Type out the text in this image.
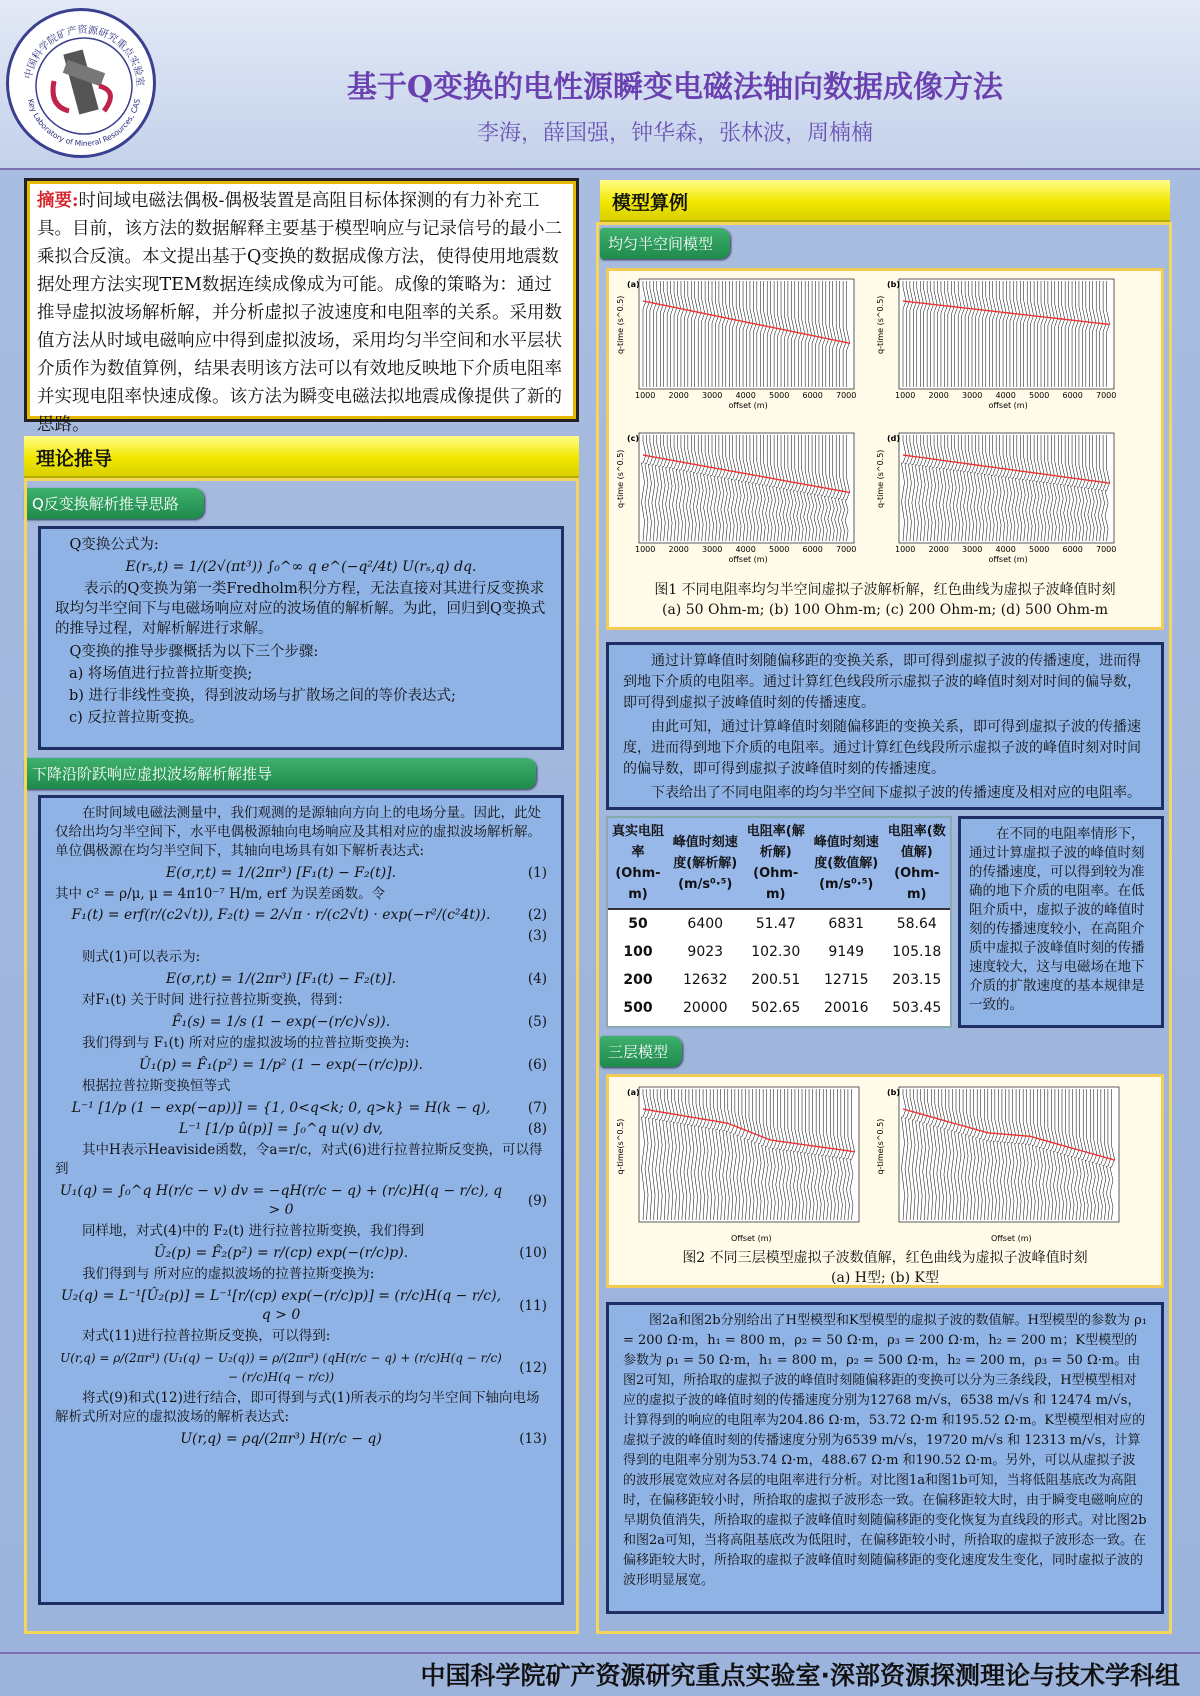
中国科学院矿产资源研究重点实验室
Key Laboratory of Mineral Resources, CAS	基于Q变换的电性源瞬变电磁法轴向数据成像方法
李海，薛国强，钟华森，张林波，周楠楠
摘要:时间域电磁法偶极-偶极装置是高阻目标体探测的有力补充工具。目前，该方法的数据解释主要基于模型响应与记录信号的最小二乘拟合反演。本文提出基于Q变换的数据成像方法，使得使用地震数据处理方法实现TEM数据连续成像成为可能。成像的策略为：通过推导虚拟波场解析解，并分析虚拟子波速度和电阻率的关系。采用数值方法从时域电磁响应中得到虚拟波场，采用均匀半空间和水平层状介质作为数值算例，结果表明该方法可以有效地反映地下介质电阻率并实现电阻率快速成像。该方法为瞬变电磁法拟地震成像提供了新的思路。
理论推导
Q反变换解析推导思路
Q变换公式为:
E(rₛ,t) = 1/(2√(πt³)) ∫₀^∞ q e^(−q²/4t) U(rₛ,q) dq.

表示的Q变换为第一类Fredholm积分方程，无法直接对其进行反变换求取均匀半空间下与电磁场响应对应的波场值的解析解。为此，回归到Q变换式的推导过程，对解析解进行求解。

Q变换的推导步骤概括为以下三个步骤:
a) 将场值进行拉普拉斯变换;
b) 进行非线性变换，得到波动场与扩散场之间的等价表达式;
c) 反拉普拉斯变换。
下降沿阶跃响应虚拟波场解析解推导

在时间域电磁法测量中，我们观测的是源轴向方向上的电场分量。因此，此处仅给出均匀半空间下，水平电偶极源轴向电场响应及其相对应的虚拟波场解析解。单位偶极源在均匀半空间下，其轴向电场具有如下解析表达式:

E(σ,r,t) = 1/(2πr³) [F₁(t) − F₂(t)].	(1)
其中 c² = ρ/μ, μ = 4π10⁻⁷ H/m, erf 为误差函数。令
F₁(t) = erf(r/(c2√t)), F₂(t) = 2/√π · r/(c2√t) · exp(−r²/(c²4t)).	(2)
(3)

则式(1)可以表示为:

E(σ,r,t) = 1/(2πr³) [F₁(t) − F₂(t)].	(4)

对F₁(t) 关于时间 进行拉普拉斯变换，得到：

F̂₁(s) = 1/s (1 − exp(−(r/c)√s)).	(5)

我们得到与 F₁(t) 所对应的虚拟波场的拉普拉斯变换为:

Û₁(p) = F̂₁(p²) = 1/p² (1 − exp(−(r/c)p)).	(6)

根据拉普拉斯变换恒等式

L⁻¹ [1/p (1 − exp(−ap))] = {1, 0<q<k; 0, q>k} = H(k − q),	(7)
L⁻¹ [1/p û(p)] = ∫₀^q u(v) dv,	(8)

其中H表示Heaviside函数，令a=r/c，对式(6)进行拉普拉斯反变换，可以得到

U₁(q) = ∫₀^q H(r/c − v) dv = −qH(r/c − q) + (r/c)H(q − r/c), q > 0
(9)

同样地，对式(4)中的 F₂(t) 进行拉普拉斯变换，我们得到

Û₂(p) = F̂₂(p²) = r/(cp) exp(−(r/c)p).	(10)

我们得到与 所对应的虚拟波场的拉普拉斯变换为:

U₂(q) = L⁻¹[Û₂(p)] = L⁻¹[r/(cp) exp(−(r/c)p)] = (r/c)H(q − r/c), q > 0
(11)

对式(11)进行拉普拉斯反变换，可以得到:

U(r,q) = ρ/(2πr³) (U₁(q) − U₂(q)) = ρ/(2πr³) (qH(r/c − q) + (r/c)H(q − r/c) − (r/c)H(q − r/c))
(12)

将式(9)和式(12)进行结合，即可得到与式(1)所表示的均匀半空间下轴向电场解析式所对应的虚拟波场的解析表达式:

U(r,q) = ρq/(2πr³) H(r/c − q)	(13)
模型算例
均匀半空间模型
(a)
1000 2000 3000 4000 5000 6000 7000
offset (m)
q-time (s^0.5)
(b)
1000 2000 3000 4000 5000 6000 7000
offset (m)
q-time (s^0.5)
(c)
1000 2000 3000 4000 5000 6000 7000
offset (m)
q-time (s^0.5)
(d)
1000 2000 3000 4000 5000 6000 7000
offset (m)
q-time (s^0.5)
图1 不同电阻率均匀半空间虚拟子波解析解，红色曲线为虚拟子波峰值时刻
(a) 50 Ohm-m; (b) 100 Ohm-m; (c) 200 Ohm-m; (d) 500 Ohm-m

通过计算峰值时刻随偏移距的变换关系，即可得到虚拟子波的传播速度，进而得到地下介质的电阻率。通过计算红色线段所示虚拟子波的峰值时刻对时间的偏导数，即可得到虚拟子波峰值时刻的传播速度。

由此可知，通过计算峰值时刻随偏移距的变换关系，即可得到虚拟子波的传播速度，进而得到地下介质的电阻率。通过计算红色线段所示虚拟子波的峰值时刻对时间的偏导数，即可得到虚拟子波峰值时刻的传播速度。

下表给出了不同电阻率的均匀半空间下虚拟子波的传播速度及相对应的电阻率。

真实电阻率(Ohm-m)	峰值时刻速度(解析解)(m/s⁰·⁵)	电阻率(解析解)(Ohm-m)	峰值时刻速度(数值解)(m/s⁰·⁵)	电阻率(数值解)(Ohm-m)
50	6400	51.47	6831	58.64
100	9023	102.30	9149	105.18
200	12632	200.51	12715	203.15
500	20000	502.65	20016	503.45

在不同的电阻率情形下，通过计算虚拟子波的峰值时刻的传播速度，可以得到较为准确的地下介质的电阻率。在低阻介质中，虚拟子波的峰值时刻的传播速度较小，在高阻介质中虚拟子波峰值时刻的传播速度较大，这与电磁场在地下介质的扩散速度的基本规律是一致的。

三层模型
(a)
Offset (m)
q-time(s^0.5)
(b)
Offset (m)
q-time(s^0.5)
图2 不同三层模型虚拟子波数值解，红色曲线为虚拟子波峰值时刻
(a) H型; (b) K型

图2a和图2b分别给出了H型模型和K型模型的虚拟子波的数值解。H型模型的参数为 ρ₁ = 200 Ω·m，h₁ = 800 m，ρ₂ = 50 Ω·m，ρ₃ = 200 Ω·m，h₂ = 200 m；K型模型的参数为 ρ₁ = 50 Ω·m，h₁ = 800 m，ρ₂ = 500 Ω·m，h₂ = 200 m，ρ₃ = 50 Ω·m。由图2可知，所拾取的虚拟子波的峰值时刻随偏移距的变换可以分为三条线段，H型模型相对应的虚拟子波的峰值时刻的传播速度分别为12768 m/√s，6538 m/√s 和 12474 m/√s，计算得到的响应的电阻率为204.86 Ω·m，53.72 Ω·m 和195.52 Ω·m。K型模型相对应的虚拟子波的峰值时刻的传播速度分别为6539 m/√s，19720 m/√s 和 12313 m/√s，计算得到的电阻率分别为53.74 Ω·m，488.67 Ω·m 和190.52 Ω·m。另外，可以从虚拟子波的波形展宽效应对各层的电阻率进行分析。对比图1a和图1b可知，当将低阻基底改为高阻时，在偏移距较小时，所拾取的虚拟子波形态一致。在偏移距较大时，由于瞬变电磁响应的早期负值消失，所拾取的虚拟子波峰值时刻随偏移距的变化恢复为直线段的形式。对比图2b和图2a可知，当将高阻基底改为低阻时，在偏移距较小时，所拾取的虚拟子波形态一致。在偏移距较大时，所拾取的虚拟子波峰值时刻随偏移距的变化速度发生变化，同时虚拟子波的波形明显展宽。

中国科学院矿产资源研究重点实验室·深部资源探测理论与技术学科组
